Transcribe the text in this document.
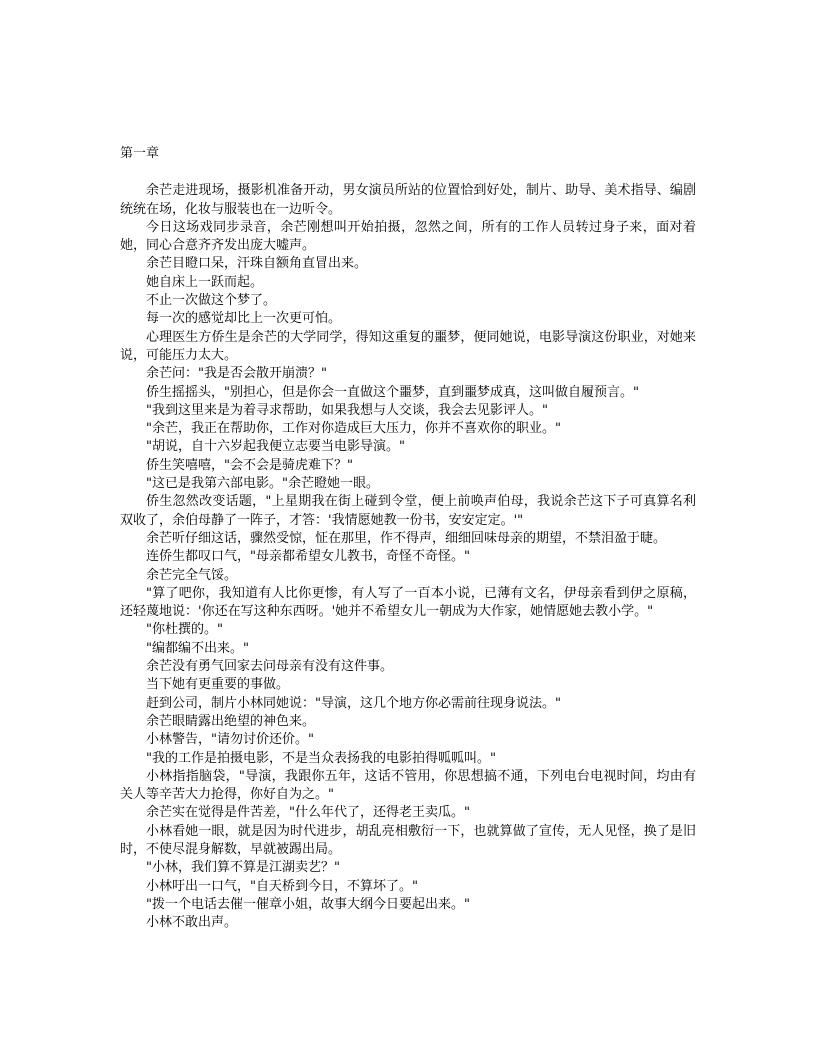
第一章

余芒走进现场，摄影机准备开动，男女演员所站的位置恰到好处，制片、助导、美术指导、编剧统统在场，化妆与服装也在一边听令。

今日这场戏同步录音，余芒刚想叫开始拍摄，忽然之间，所有的工作人员转过身子来，面对着她，同心合意齐齐发出庞大嘘声。

余芒目瞪口呆，汗珠自额角直冒出来。

她自床上一跃而起。

不止一次做这个梦了。

每一次的感觉却比上一次更可怕。

心理医生方侨生是余芒的大学同学，得知这重复的噩梦，便同她说，电影导演这份职业，对她来说，可能压力太大。

余芒问："我是否会散开崩溃？"

侨生摇摇头，"别担心，但是你会一直做这个噩梦，直到噩梦成真，这叫做自履预言。"

"我到这里来是为着寻求帮助，如果我想与人交谈，我会去见影评人。"

"余芒，我正在帮助你，工作对你造成巨大压力，你并不喜欢你的职业。"

"胡说，自十六岁起我便立志要当电影导演。"

侨生笑嘻嘻，"会不会是骑虎难下？"

"这已是我第六部电影。"余芒瞪她一眼。

侨生忽然改变话题，"上星期我在街上碰到令堂，便上前唤声伯母，我说余芒这下子可真算名利双收了，余伯母静了一阵子，才答：'我情愿她教一份书，安安定定。'"

余芒听仔细这话，骤然受惊，怔在那里，作不得声，细细回味母亲的期望，不禁泪盈于睫。

连侨生都叹口气，"母亲都希望女儿教书，奇怪不奇怪。"

余芒完全气馁。

"算了吧你，我知道有人比你更惨，有人写了一百本小说，已薄有文名，伊母亲看到伊之原稿，还轻蔑地说：'你还在写这种东西呀。'她并不希望女儿一朝成为大作家，她情愿她去教小学。"

"你杜撰的。"

"编都编不出来。"

余芒没有勇气回家去问母亲有没有这件事。

当下她有更重要的事做。

赶到公司，制片小林同她说："导演，这几个地方你必需前往现身说法。"

余芒眼睛露出绝望的神色来。

小林警告，"请勿讨价还价。"

"我的工作是拍摄电影，不是当众表扬我的电影拍得呱呱叫。"

小林指指脑袋，"导演，我跟你五年，这话不管用，你思想搞不通，下列电台电视时间，均由有关人等辛苦大力抢得，你好自为之。"

余芒实在觉得是件苦差，"什么年代了，还得老王卖瓜。"

小林看她一眼，就是因为时代进步，胡乱亮相敷衍一下，也就算做了宣传，无人见怪，换了是旧时，不使尽混身解数，早就被踢出局。

"小林，我们算不算是江湖卖艺？"

小林吁出一口气，"自天桥到今日，不算坏了。"

"拨一个电话去催一催章小姐，故事大纲今日要起出来。"

小林不敢出声。
